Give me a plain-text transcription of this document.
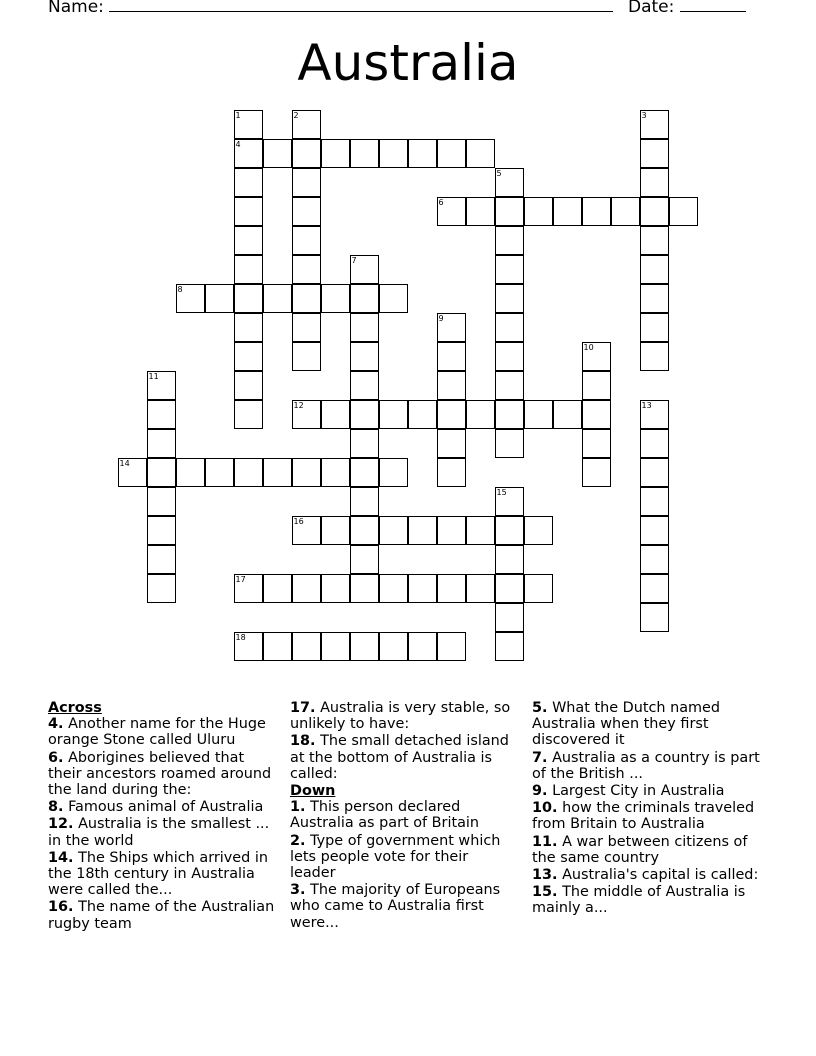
Name:	Date:
Australia
1
4
2	3
5
6
7
8
9
10
11
12	13
14
15
16
17
18
Across
4. Another name for the Huge orange Stone called Uluru
6. Aborigines believed that their ancestors roamed around the land during the:
8. Famous animal of Australia
12. Australia is the smallest ... in the world
14. The Ships which arrived in the 18th century in Australia were called the...
16. The name of the Australian rugby team
17. Australia is very stable, so unlikely to have:
18. The small detached island at the bottom of Australia is called:
Down
1. This person declared Australia as part of Britain
2. Type of government which lets people vote for their leader
3. The majority of Europeans who came to Australia first were...
5. What the Dutch named Australia when they first discovered it
7. Australia as a country is part of the British ...
9. Largest City in Australia
10. how the criminals traveled from Britain to Australia
11. A war between citizens of the same country
13. Australia's capital is called:
15. The middle of Australia is mainly a...
